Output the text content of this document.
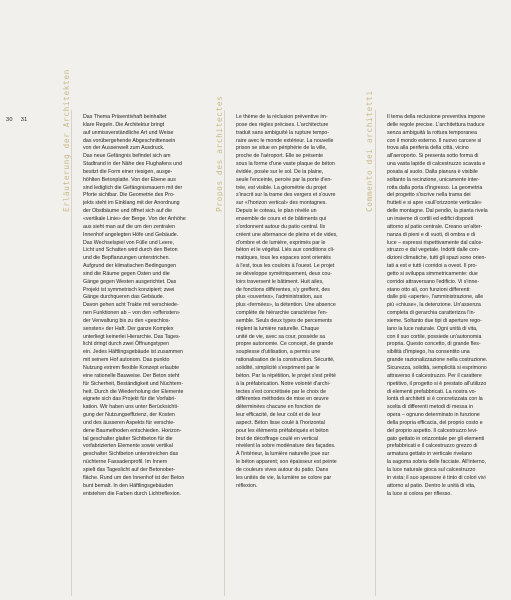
30 31	Erläuterung der Architekten	Propos des architectes	Commento dei architetti

Das Thema Präventivhaft beinhaltet

klare Regeln. Die Architektur bringt

auf unmissverständliche Art und Weise

das vorübergehende Abgeschnittensein

von der Aussenwelt zum Ausdruck.

Das neue Gefängnis befindet sich am

Stadtrand in der Nähe des Flughafens und

besitzt die Form einer riesigen, ausge-

höhlten Betonplatte. Von der Ebene aus

sind lediglich die Gefängnismauern mit der

Pforte sichtbar. Die Geometrie des Pro-

jekts steht im Einklang mit der Anordnung

der Obstbäume und öffnet sich auf die

«vertikale Linie» der Berge. Von der Anhöhe

aus sieht man auf die um den zentralen

Innenhof angelegten Höfe und Gebäude.

Das Wechselspiel von Fülle und Leere,

Licht und Schatten wird durch den Beton

und die Bepflanzungen unterstrichen.

Aufgrund der klimatischen Bedingungen

sind die Räume gegen Osten und die

Gänge gegen Westen ausgerichtet. Das

Projekt ist symmetrisch konzipiert; zwei

Gänge durchqueren das Gebäude.

Davon gehen acht Trakte mit verschiede-

nen Funktionen ab – von den «offensten»

der Verwaltung bis zu den «geschlos-

sensten» der Haft. Der ganze Komplex

unterliegt keinerlei Hierarchie. Das Tages-

licht dringt durch zwei Öffnungstypen

ein. Jedes Häftlingsgebäude ist zusammen

mit seinem Hof autonom. Das punkto

Nutzung extrem flexible Konzept erlaubte

eine rationelle Bauweise. Der Beton steht

für Sicherheit, Beständigkeit und Nüchtern-

heit. Durch die Wiederholung der Elemente

eignete sich das Projekt für die Vorfabri-

kation. Wir haben uns unter Berücksichti-

gung der Nutzungseffizienz, der Kosten

und des äusseren Aspekts für verschie-

dene Baumethoden entschieden. Horizon-

tal geschalter glatter Sichtbeton für die

vorfabrizierten Elemente sowie vertikal

geschalter Sichtbeton unterstreichen das

nüchterne Fassadenprofil. Im Innern

spielt das Tageslicht auf der Betonober-

fläche. Rund um den Innenhof ist der Beton

bunt bemalt. In den Häftlingsgebäuden

entstehen die Farben durch Lichtreflexion.

Le thème de la réclusion préventive im-

pose des règles précises. L'architecture

traduit sans ambiguïté la rupture tempo-

raire avec le monde extérieur. La nouvelle

prison se situe en périphérie de la ville,

proche de l'aéroport. Elle se présente

sous la forme d'une vaste plaque de béton

évidée, posée sur le sol. De la plaine,

seule l'enceinte, percée par la porte d'en-

trée, est visible. La géométrie du projet

s'inscrit sur la trame des vergers et s'ouvre

sur «l'horizon vertical» des montagnes.

Depuis le coteau, le plan révèle un

ensemble de cours et de bâtiments qui

s'ordonnent autour du patio central. Ils

créent une alternance de pleins et de vides,

d'ombre et de lumière, exprimés par le

béton et le végétal. Liés aux conditions cli-

matiques, tous les espaces sont orientés

à l'est, tous les couloirs à l'ouest. Le projet

se développe symétriquement, deux cou-

loirs traversent le bâtiment. Huit ailes,

de fonctions différentes, s'y greffent, des

plus «ouvertes», l'administration, aux

plus «fermées», la détention. Une absence

complète de hiérarchie caractérise l'en-

semble. Seuls deux types de percements

règlent la lumière naturelle. Chaque

unité de vie, avec sa cour, possède sa

propre autonomie. Ce concept, de grande

souplesse d'utilisation, a permis une

rationalisation de la construction. Sécurité,

solidité, simplicité s'expriment par le

béton. Par la répétition, le projet s'est prêté

à la préfabrication. Notre volonté d'archi-

tectes s'est concrétisée par le choix de

différentes méthodes de mise en œuvre

déterminées chacune en fonction de

leur efficacité, de leur coût et de leur

aspect. Béton lisse coulé à l'horizontal

pour les éléments préfabriqués et béton

brut de décoffrage coulé en vertical

révèlent la sobre modénature des façades.

À l'intérieur, la lumière naturelle joue sur

le béton apparent; son épaisseur est peinte

de couleurs vives autour du patio. Dans

les unités de vie, la lumière se colore par

réflexion.

Il tema della reclusione preventiva impone

delle regole precise. L'architettura traduce

senza ambiguità la rottura temporanea

con il mondo esterno. Il nuovo carcere si

trova alla periferia della città, vicino

all'aeroporto. Si presenta sotto forma di

una vasta lapide di calcestruzzo scavata e

posata al suolo. Dalla pianura è visibile

soltanto la recinzione, unicamente inter-

rotta dalla porta d'ingresso. La geometria

del progetto s'iscrive nella trama dei

frutteti e si apre «sull'orizzonte verticale»

delle montagne. Dal pendio, la pianta rivela

un insieme di cortili ed edifici disposti

attorno al patio centrale. Creano un'alter-

nanza di pieni e di vuoti, di ombra e di

luce – espressi rispettivamente dal calce-

struzzo e dal vegetale. Indotti dalle con-

dizioni climatiche, tutti gli spazi sono orien-

tati a est e tutti i corridoi a ovest. Il pro-

getto si sviluppa simmetricamente: due

corridoi attraversano l'edificio. Vi s'inne-

stano otto ali, con funzioni differenti:

dalle più «aperte», l'amministrazione, alle

più «chiuse», la detenzione. Un'assenza

completa di gerarchia caratterizza l'in-

sieme. Soltanto due tipi di aperture rego-

lano la luce naturale. Ogni unità di vita,

con il suo cortile, possiede un'autonomia

propria. Questo concetto, di grande fles-

sibilità d'impiego, ha consentito una

grande razionalizzazione nella costruzione.

Sicurezza, solidità, semplicità si esprimono

attraverso il calcestruzzo. Per il carattere

ripetitivo, il progetto si è prestato all'utilizzo

di elementi prefabbricati. La nostra vo-

lontà di architetti si è concretizzata con la

scelta di differenti metodi di messa in

opera – ognuno determinato in funzione

della propria efficacia, del proprio costo e

del proprio aspetto. Il calcestruzzo levi-

gato gettato in orizzontale per gli elementi

prefabbricati e il calcestruzzo grezzo di

armatura gettato in verticale rivelano

la sagoma sobria delle facciate. All'interno,

la luce naturale gioca sul calcestruzzo

in vista; il suo spessore è tinto di colori vivi

attorno al patio. Dentro le unità di vita,

la luce si colora per riflesso.
